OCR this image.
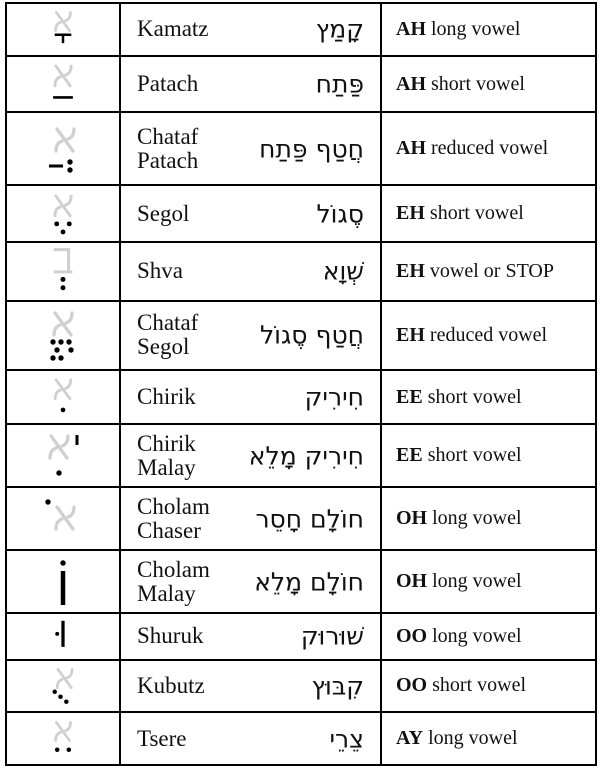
Kamatz קָמַץ	AH long vowel

Patach פַּתַח	AH short vowel

Chataf
Patach חֲטַף פַּתַח	AH reduced vowel

Segol סֶגוֹל	EH short vowel

Shva שְׁוָא	EH vowel or STOP

Chataf
Segol חֲטַף סֶגוֹל	EH reduced vowel

Chirik חִירִיק	EE short vowel

Chirik
Malay חִירִיק מָלֵא	EE short vowel

Cholam
Chaser חוֹלָם חָסֵר	OH long vowel

Cholam
Malay חוֹלָם מָלֵא	OH long vowel

Shuruk שׁוּרוּק	OO long vowel

Kubutz קִבּוּץ	OO short vowel

Tsere צֵרֵי	AY long vowel
